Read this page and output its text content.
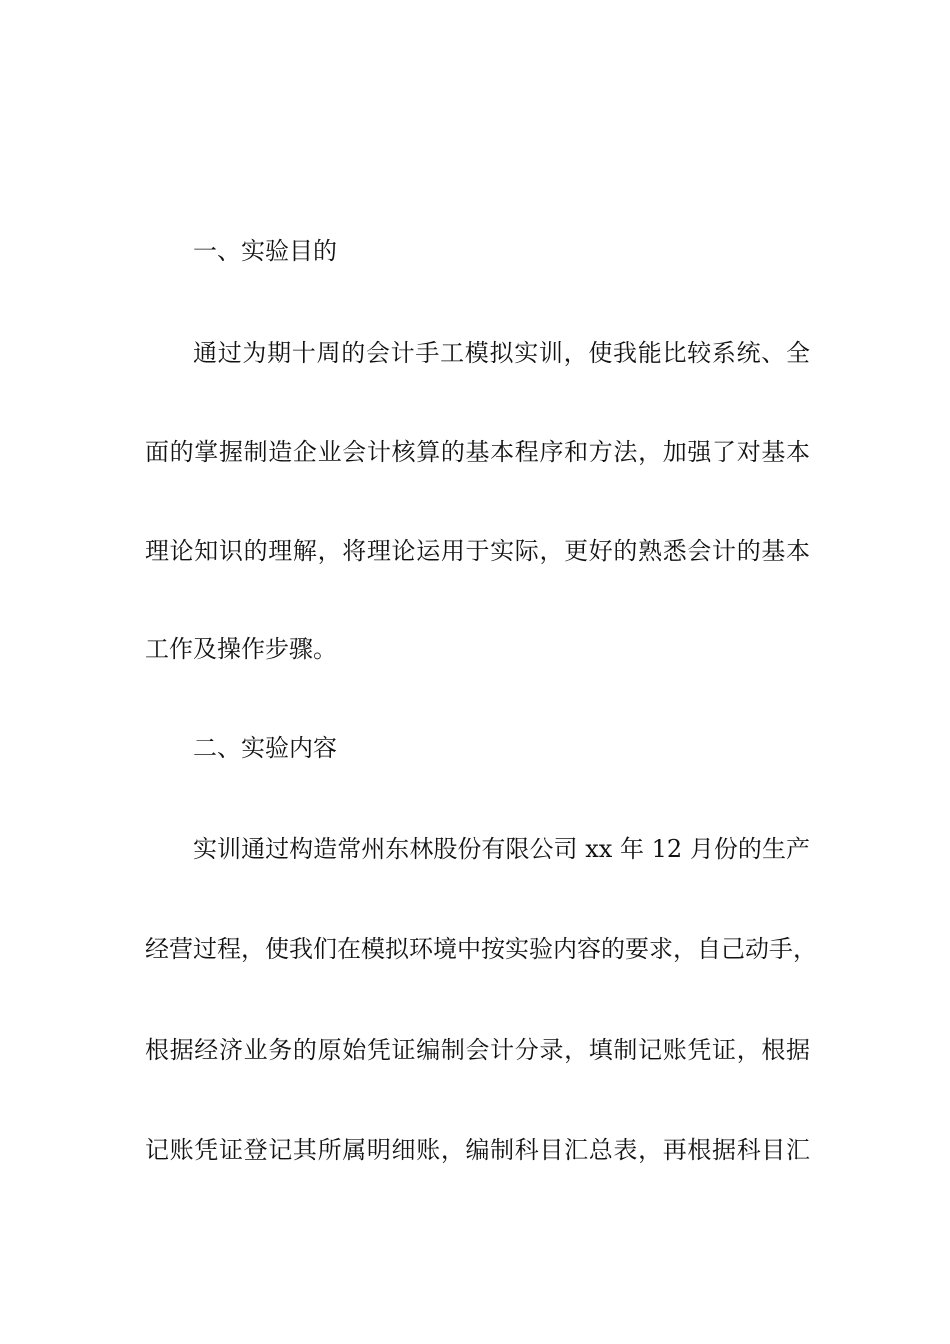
一、实验目的
通过为期十周的会计手工模拟实训，使我能比较系统、全
面的掌握制造企业会计核算的基本程序和方法，加强了对基本
理论知识的理解，将理论运用于实际，更好的熟悉会计的基本
工作及操作步骤。
二、实验内容
实训通过构造常州东林股份有限公司 xx 年 12 月份的生产
经营过程，使我们在模拟环境中按实验内容的要求，自己动手，
根据经济业务的原始凭证编制会计分录，填制记账凭证，根据
记账凭证登记其所属明细账，编制科目汇总表，再根据科目汇
